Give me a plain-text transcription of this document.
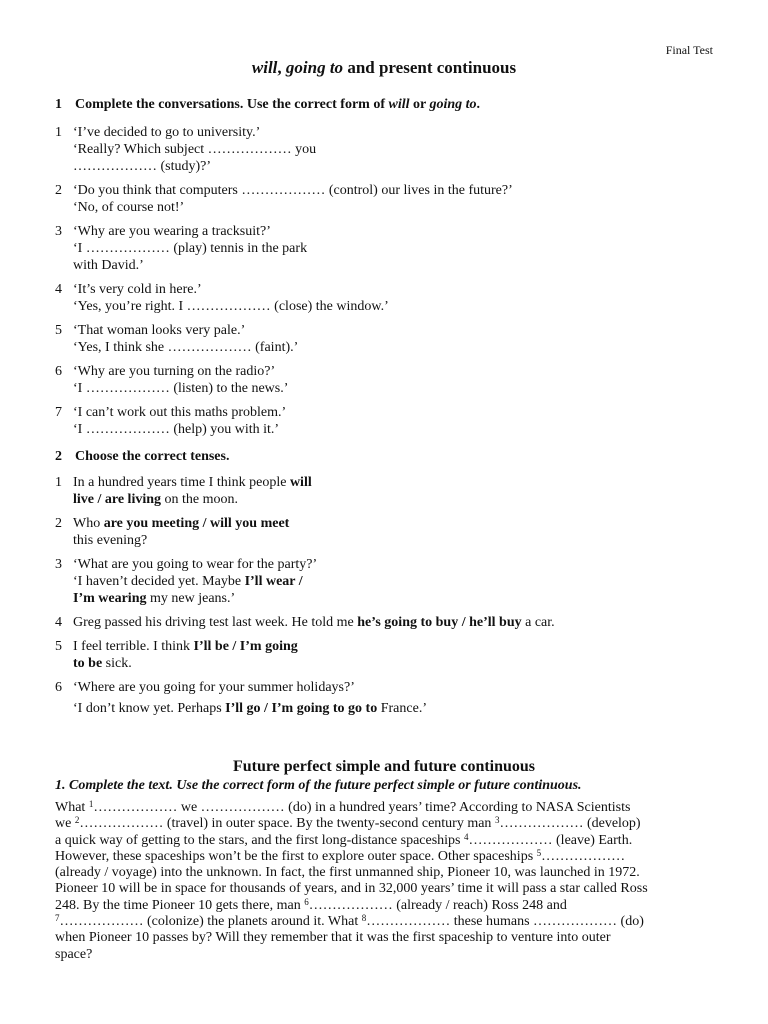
Final Test
will, going to and present continuous
1 Complete the conversations. Use the correct form of will or going to.
1 ‘I’ve decided to go to university.’

‘Really? Which subject ……………… you

……………… (study)?’

2 ‘Do you think that computers ……………… (control) our lives in the future?’

‘No, of course not!’

3 ‘Why are you wearing a tracksuit?’

‘I ……………… (play) tennis in the park

with David.’

4 ‘It’s very cold in here.’

‘Yes, you’re right. I ……………… (close) the window.’

5 ‘That woman looks very pale.’

‘Yes, I think she ……………… (faint).’

6 ‘Why are you turning on the radio?’

‘I ……………… (listen) to the news.’

7 ‘I can’t work out this maths problem.’

‘I ……………… (help) you with it.’

2 Choose the correct tenses.
1 In a hundred years time I think people will

live / are living on the moon.

2 Who are you meeting / will you meet

this evening?

3 ‘What are you going to wear for the party?’

‘I haven’t decided yet. Maybe I’ll wear /

I’m wearing my new jeans.’

4 Greg passed his driving test last week. He told me he’s going to buy / he’ll buy a car.

5 I feel terrible. I think I’ll be / I’m going

to be sick.

6 ‘Where are you going for your summer holidays?’

‘I don’t know yet. Perhaps I’ll go / I’m going to go to France.’

Future perfect simple and future continuous
1. Complete the text. Use the correct form of the future perfect simple or future continuous.

What $^1$……………… we ……………… (do) in a hundred years’ time? According to NASA Scientists

we $^2$……………… (travel) in outer space. By the twenty-second century man $^3$……………… (develop)

a quick way of getting to the stars, and the first long-distance spaceships $^4$……………… (leave) Earth.

However, these spaceships won’t be the first to explore outer space. Other spaceships $^5$………………

(already / voyage) into the unknown. In fact, the first unmanned ship, Pioneer 10, was launched in 1972.

Pioneer 10 will be in space for thousands of years, and in 32,000 years’ time it will pass a star called Ross

248. By the time Pioneer 10 gets there, man $^6$……………… (already / reach) Ross 248 and

$^7$……………… (colonize) the planets around it. What $^8$……………… these humans ……………… (do)

when Pioneer 10 passes by? Will they remember that it was the first spaceship to venture into outer

space?
